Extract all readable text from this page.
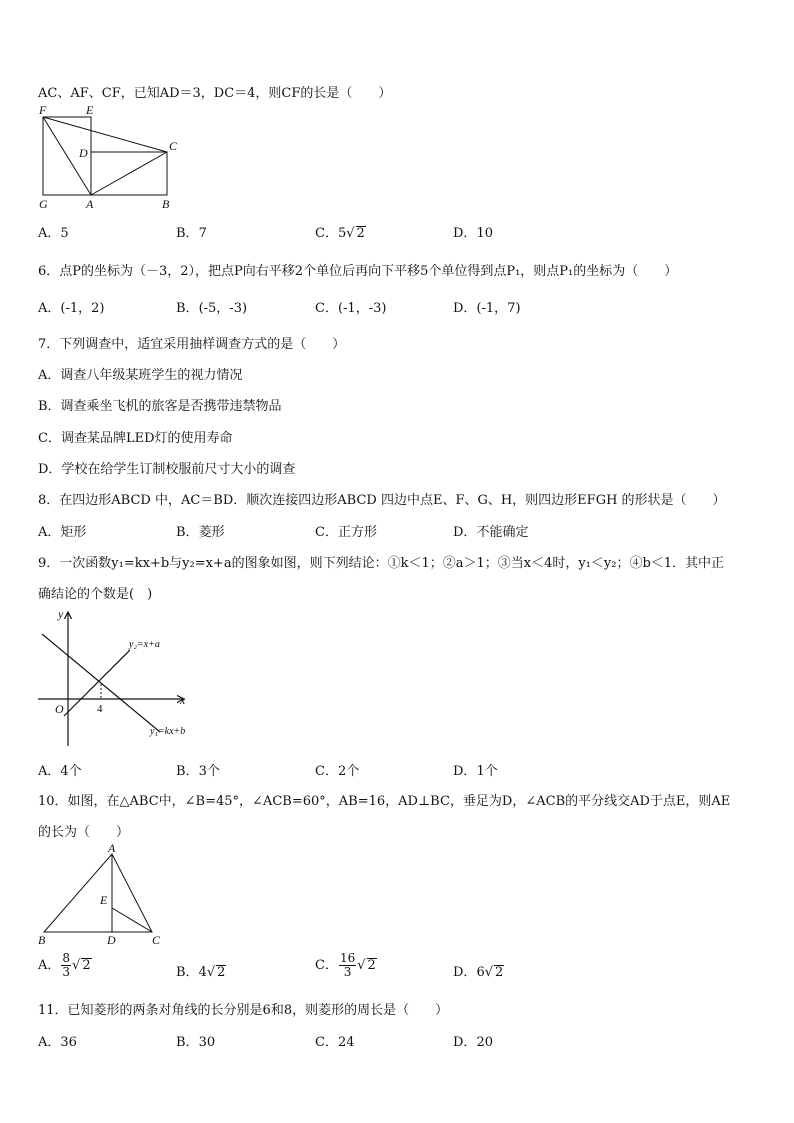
AC、AF、CF，已知AD＝3，DC＝4，则CF的长是（　　）
F	E
D	C
G	A	B
A．5	B．7	C．5√ 2	D．10
6．点P的坐标为（－3，2），把点P向右平移2个单位后再向下平移5个单位得到点P₁，则点P₁的坐标为（　　）
A．(-1，2)	B．(-5，-3)	C．(-1，-3)	D．(-1，7)
7．下列调查中，适宜采用抽样调查方式的是（　　）
A．调查八年级某班学生的视力情况
B．调查乘坐飞机的旅客是否携带违禁物品
C．调查某品牌LED灯的使用寿命
D．学校在给学生订制校服前尺寸大小的调查
8．在四边形ABCD 中，AC＝BD．顺次连接四边形ABCD 四边中点E、F、G、H，则四边形EFGH 的形状是（　　）
A．矩形	B．菱形	C．正方形	D．不能确定
9．一次函数y₁=kx+b与y₂=x+a的图象如图，则下列结论：①k＜1；②a＞1；③当x＜4时，y₁＜y₂；④b＜1．其中正
确结论的个数是(　)
y
x
O
y₂=x+a
y₁=kx+b
4
A．4个	B．3个	C．2个	D．1个
10．如图，在△ABC中，∠B=45°，∠ACB=60°，AB=16，AD⊥BC，垂足为D，∠ACB的平分线交AD于点E，则AE
的长为（　　）
A
E
B	D	C
A． $\frac{8}{3}$ √ 2	B．4√ 2	C． $\frac{16}{3}$ √ 2	D．6√ 2
11．已知菱形的两条对角线的长分别是6和8，则菱形的周长是（　　）
A．36	B．30	C．24	D．20
